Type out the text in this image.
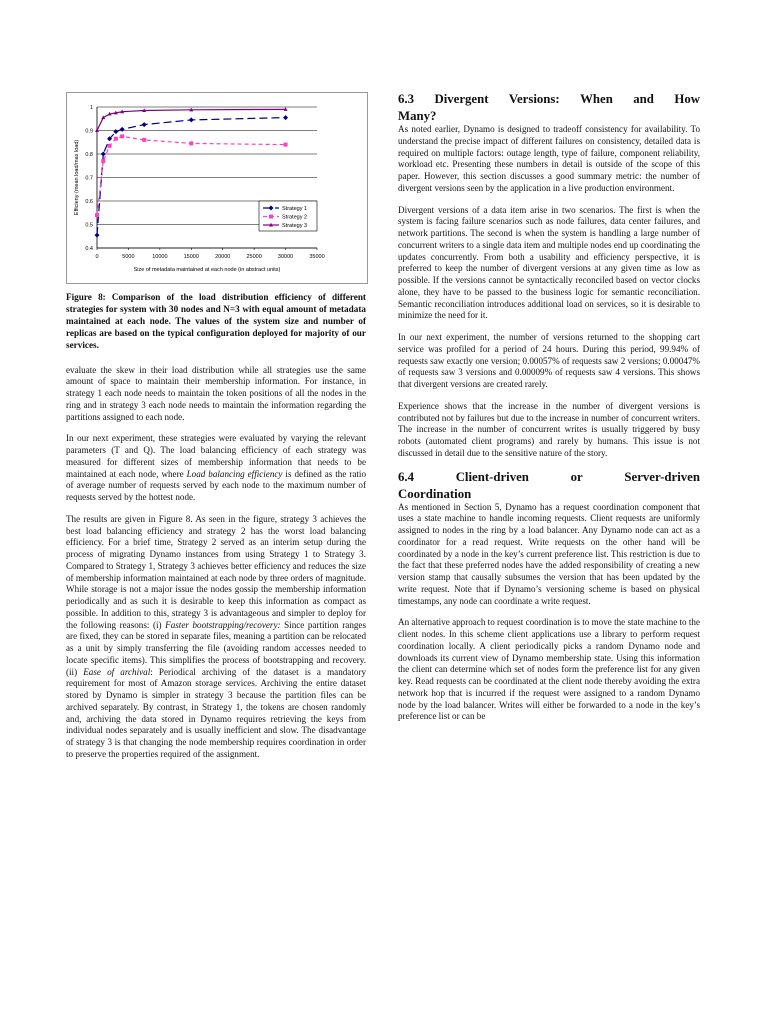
0.4
0.5
0.6
0.7
0.8
0.9
1
0	5000	10000	15000	20000	25000	30000	35000
Size of metadata maintained at each node (in abstract units)
Efficieny (mean load/max load)	Strategy 1
Strategy 2
Strategy 3
Figure 8: Comparison of the load distribution efficiency of different strategies for system with 30 nodes and N=3 with equal amount of metadata maintained at each node. The values of the system size and number of replicas are based on the typical configuration deployed for majority of our services.

evaluate the skew in their load distribution while all strategies use the same amount of space to maintain their membership information. For instance, in strategy 1 each node needs to maintain the token positions of all the nodes in the ring and in strategy 3 each node needs to maintain the information regarding the partitions assigned to each node.

In our next experiment, these strategies were evaluated by varying the relevant parameters (T and Q). The load balancing efficiency of each strategy was measured for different sizes of membership information that needs to be maintained at each node, where Load balancing efficiency is defined as the ratio of average number of requests served by each node to the maximum number of requests served by the hottest node.

The results are given in Figure 8. As seen in the figure, strategy 3 achieves the best load balancing efficiency and strategy 2 has the worst load balancing efficiency. For a brief time, Strategy 2 served as an interim setup during the process of migrating Dynamo instances from using Strategy 1 to Strategy 3. Compared to Strategy 1, Strategy 3 achieves better efficiency and reduces the size of membership information maintained at each node by three orders of magnitude. While storage is not a major issue the nodes gossip the membership information periodically and as such it is desirable to keep this information as compact as possible. In addition to this, strategy 3 is advantageous and simpler to deploy for the following reasons: (i) Faster bootstrapping/recovery: Since partition ranges are fixed, they can be stored in separate files, meaning a partition can be relocated as a unit by simply transferring the file (avoiding random accesses needed to locate specific items). This simplifies the process of bootstrapping and recovery. (ii) Ease of archival: Periodical archiving of the dataset is a mandatory requirement for most of Amazon storage services. Archiving the entire dataset stored by Dynamo is simpler in strategy 3 because the partition files can be archived separately. By contrast, in Strategy 1, the tokens are chosen randomly and, archiving the data stored in Dynamo requires retrieving the keys from individual nodes separately and is usually inefficient and slow. The disadvantage of strategy 3 is that changing the node membership requires coordination in order to preserve the properties required of the assignment.

6.3 Divergent Versions: When and How
Many?

As noted earlier, Dynamo is designed to tradeoff consistency for availability. To understand the precise impact of different failures on consistency, detailed data is required on multiple factors: outage length, type of failure, component reliability, workload etc. Presenting these numbers in detail is outside of the scope of this paper. However, this section discusses a good summary metric: the number of divergent versions seen by the application in a live production environment.

Divergent versions of a data item arise in two scenarios. The first is when the system is facing failure scenarios such as node failures, data center failures, and network partitions. The second is when the system is handling a large number of concurrent writers to a single data item and multiple nodes end up coordinating the updates concurrently. From both a usability and efficiency perspective, it is preferred to keep the number of divergent versions at any given time as low as possible. If the versions cannot be syntactically reconciled based on vector clocks alone, they have to be passed to the business logic for semantic reconciliation. Semantic reconciliation introduces additional load on services, so it is desirable to minimize the need for it.

In our next experiment, the number of versions returned to the shopping cart service was profiled for a period of 24 hours. During this period, 99.94% of requests saw exactly one version; 0.00057% of requests saw 2 versions; 0.00047% of requests saw 3 versions and 0.00009% of requests saw 4 versions. This shows that divergent versions are created rarely.

Experience shows that the increase in the number of divergent versions is contributed not by failures but due to the increase in number of concurrent writers. The increase in the number of concurrent writes is usually triggered by busy robots (automated client programs) and rarely by humans. This issue is not discussed in detail due to the sensitive nature of the story.

6.4	Client-driven	or	Server-driven
Coordination

As mentioned in Section 5, Dynamo has a request coordination component that uses a state machine to handle incoming requests. Client requests are uniformly assigned to nodes in the ring by a load balancer. Any Dynamo node can act as a coordinator for a read request. Write requests on the other hand will be coordinated by a node in the key’s current preference list. This restriction is due to the fact that these preferred nodes have the added responsibility of creating a new version stamp that causally subsumes the version that has been updated by the write request. Note that if Dynamo’s versioning scheme is based on physical timestamps, any node can coordinate a write request.

An alternative approach to request coordination is to move the state machine to the client nodes. In this scheme client applications use a library to perform request coordination locally. A client periodically picks a random Dynamo node and downloads its current view of Dynamo membership state. Using this information the client can determine which set of nodes form the preference list for any given key. Read requests can be coordinated at the client node thereby avoiding the extra network hop that is incurred if the request were assigned to a random Dynamo node by the load balancer. Writes will either be forwarded to a node in the key’s preference list or can be
